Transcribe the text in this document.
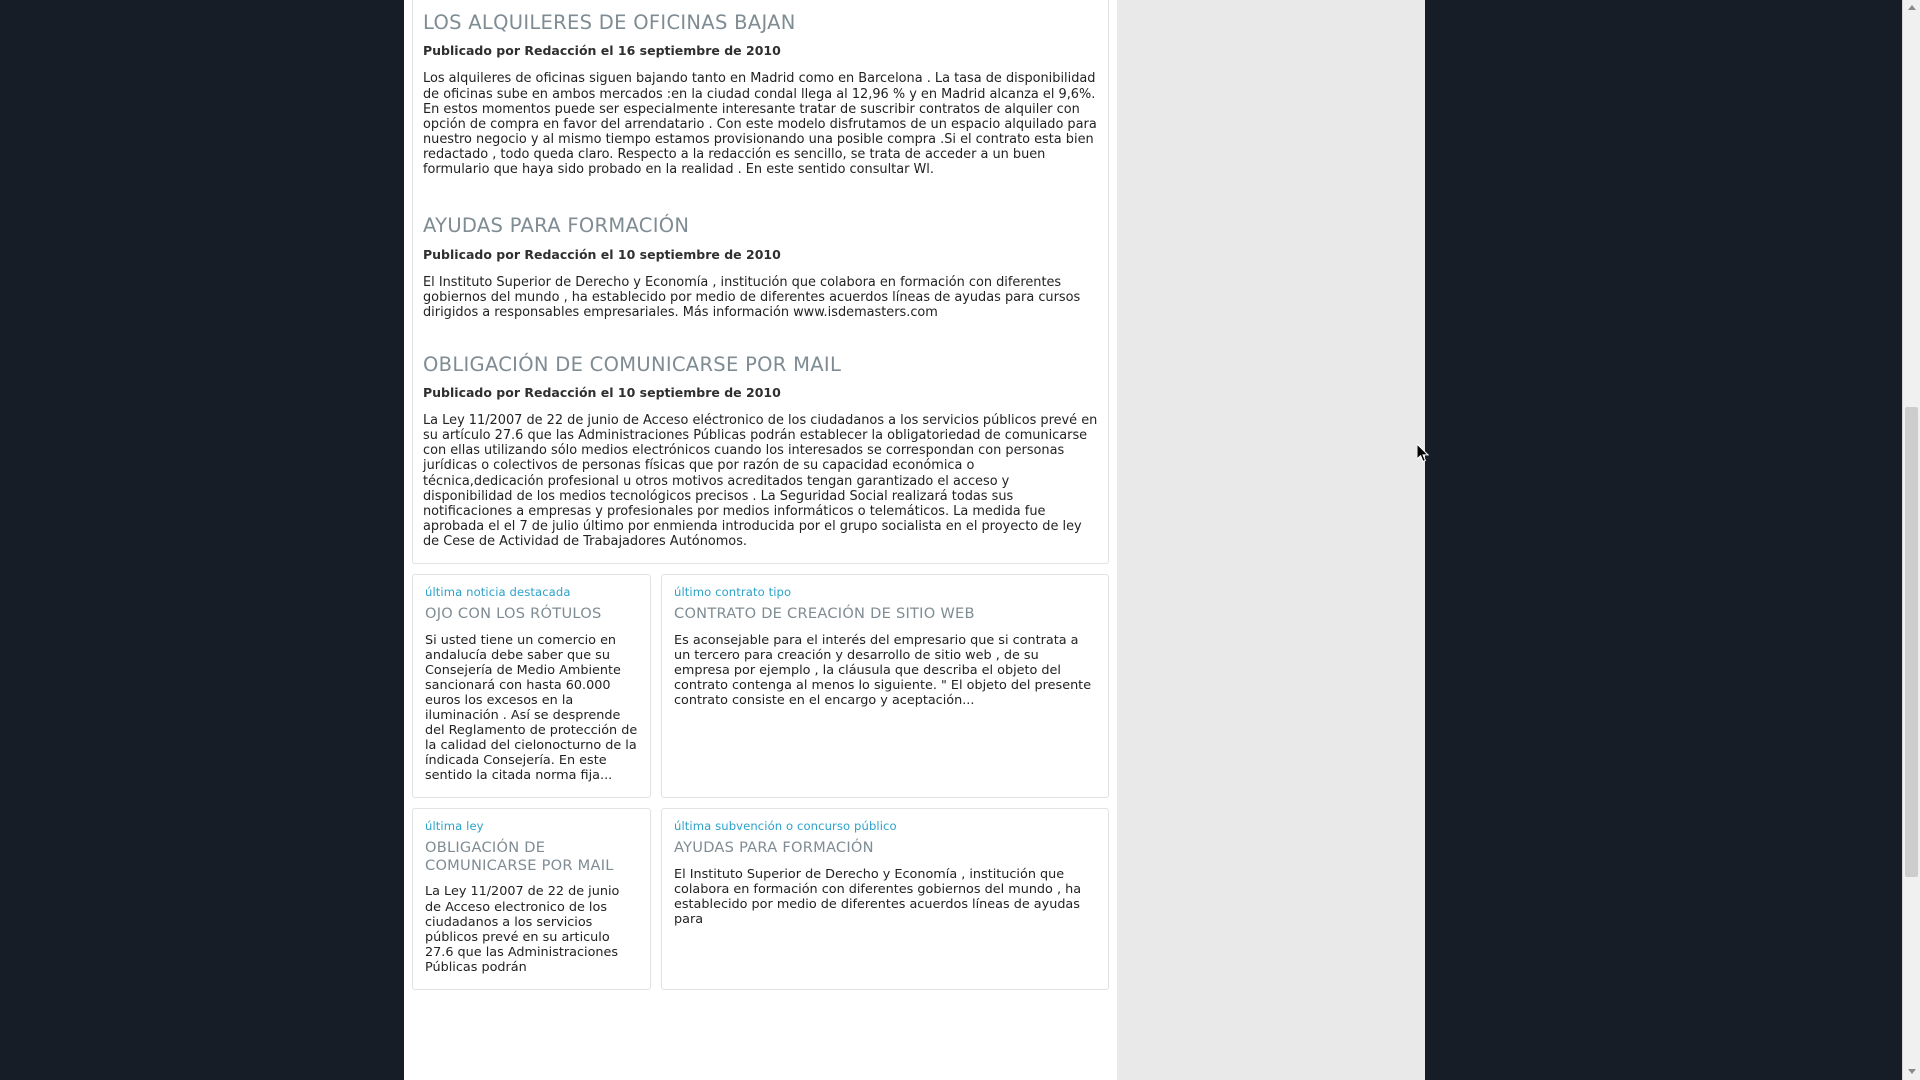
LOS ALQUILERES DE OFICINAS BAJAN

Publicado por Redacción el 16 septiembre de 2010

Los alquileres de oficinas siguen bajando tanto en Madrid como en Barcelona . La tasa de disponibilidad de oficinas sube en ambos mercados :en la ciudad condal llega al 12,96 % y en Madrid alcanza el 9,6%. En estos momentos puede ser especialmente interesante tratar de suscribir contratos de alquiler con opción de compra en favor del arrendatario . Con este modelo disfrutamos de un espacio alquilado para nuestro negocio y al mismo tiempo estamos provisionando una posible compra .Si el contrato esta bien redactado , todo queda claro. Respecto a la redacción es sencillo, se trata de acceder a un buen formulario que haya sido probado en la realidad . En este sentido consultar Wl.

AYUDAS PARA FORMACIÓN

Publicado por Redacción el 10 septiembre de 2010

El Instituto Superior de Derecho y Economía , institución que colabora en formación con diferentes gobiernos del mundo , ha establecido por medio de diferentes acuerdos líneas de ayudas para cursos dirigidos a responsables empresariales. Más información www.isdemasters.com

OBLIGACIÓN DE COMUNICARSE POR MAIL

Publicado por Redacción el 10 septiembre de 2010

La Ley 11/2007 de 22 de junio de Acceso eléctronico de los ciudadanos a los servicios públicos prevé en su artículo 27.6 que las Administraciones Públicas podrán establecer la obligatoriedad de comunicarse con ellas utilizando sólo medios electrónicos cuando los interesados se correspondan con personas jurídicas o colectivos de personas físicas que por razón de su capacidad económica o técnica,dedicación profesional u otros motivos acreditados tengan garantizado el acceso y disponibilidad de los medios tecnológicos precisos . La Seguridad Social realizará todas sus notificaciones a empresas y profesionales por medios informáticos o telemáticos. La medida fue aprobada el el 7 de julio último por enmienda introducida por el grupo socialista en el proyecto de ley de Cese de Actividad de Trabajadores Autónomos.

última noticia destacada
OJO CON LOS RÓTULOS

Si usted tiene un comercio en andalucía debe saber que su Consejería de Medio Ambiente sancionará con hasta 60.000 euros los excesos en la iluminación . Así se desprende del Reglamento de protección de la calidad del cielonocturno de la índicada Consejería. En este sentido la citada norma fija...

último contrato tipo
CONTRATO DE CREACIÓN DE SITIO WEB

Es aconsejable para el interés del empresario que si contrata a un tercero para creación y desarrollo de sitio web , de su empresa por ejemplo , la cláusula que describa el objeto del contrato contenga al menos lo siguiente. " El objeto del presente contrato consiste en el encargo y aceptación...

última ley
OBLIGACIÓN DE COMUNICARSE POR MAIL

La Ley 11/2007 de 22 de junio de Acceso electronico de los ciudadanos a los servicios públicos prevé en su articulo 27.6 que las Administraciones Públicas podrán

última subvención o concurso público
AYUDAS PARA FORMACIÓN

El Instituto Superior de Derecho y Economía , institución que colabora en formación con diferentes gobiernos del mundo , ha establecido por medio de diferentes acuerdos líneas de ayudas para
